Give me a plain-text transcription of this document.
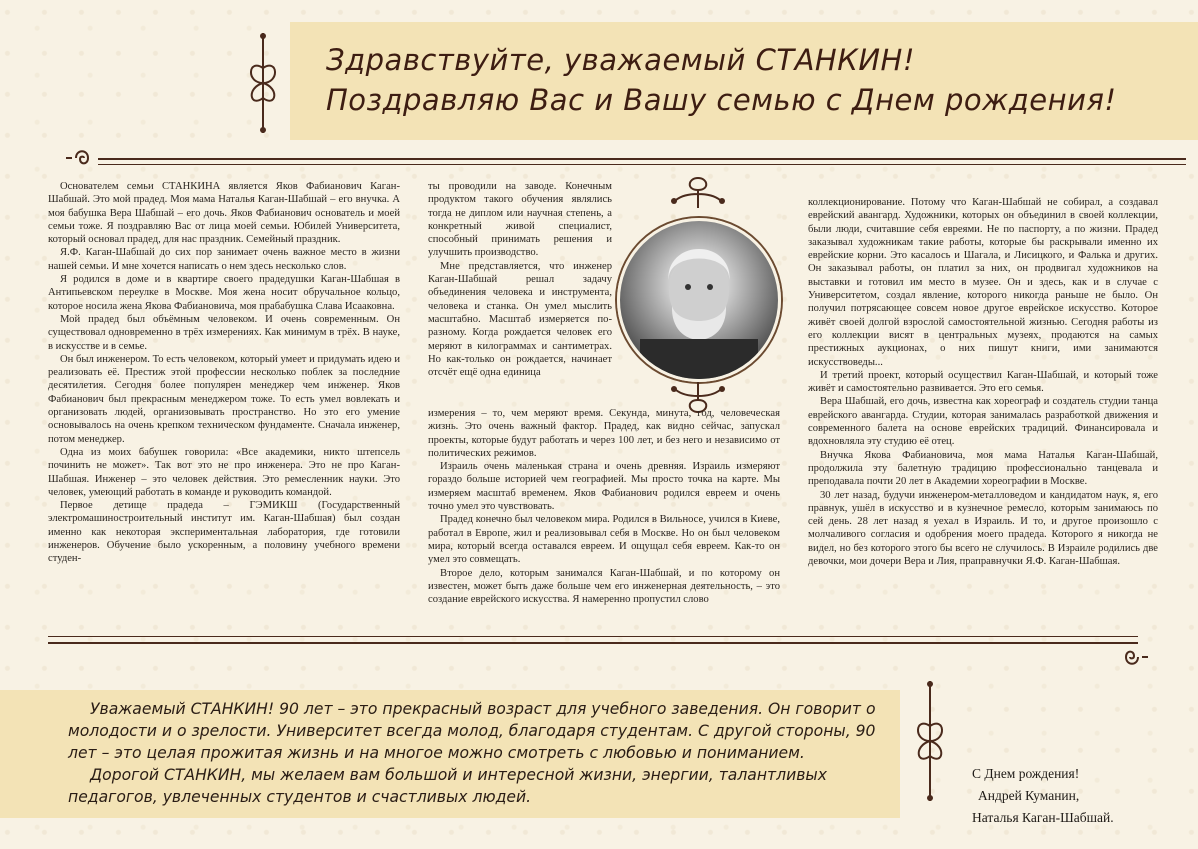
Здравствуйте, уважаемый СТАНКИН!
Поздравляю Вас и Вашу семью с Днем рождения!

Основателем семьи СТАНКИНА является Яков Фабианович Каган-Шабшай. Это мой прадед. Моя мама Наталья Каган-Шабшай – его внучка. А моя бабушка Вера Шабшай – его дочь. Яков Фабианович основатель и моей семьи тоже. Я поздравляю Вас от лица моей семьи. Юбилей Университета, который основал прадед, для нас праздник. Семейный праздник.

Я.Ф. Каган-Шабшай до сих пор занимает очень важное место в жизни нашей семьи. И мне хочется написать о нем здесь несколько слов.

Я родился в доме и в квартире своего прадедушки Каган-Шабшая в Антипьевском переулке в Москве. Моя жена носит обручальное кольцо, которое носила жена Якова Фабиановича, моя прабабушка Слава Исааковна.

Мой прадед был объёмным человеком. И очень современным. Он существовал одновременно в трёх измерениях. Как минимум в трёх. В науке, в искусстве и в семье.

Он был инженером. То есть человеком, который умеет и придумать идею и реализовать её. Престиж этой профессии несколько поблек за последние десятилетия. Сегодня более популярен менеджер чем инженер. Яков Фабианович был прекрасным менеджером тоже. То есть умел вовлекать и организовать людей, организовывать пространство. Но это его умение основывалось на очень крепком техническом фундаменте. Сначала инженер, потом менеджер.

Одна из моих бабушек говорила: «Все академики, никто штепсель починить не может». Так вот это не про инженера. Это не про Каган-Шабшая. Инженер – это человек действия. Это ремесленник науки. Это человек, умеющий работать в команде и руководить командой.

Первое детище прадеда – ГЭМИКШ (Государственный электромашиностроительный институт им. Каган-Шабшая) был создан именно как некоторая экспериментальная лаборатория, где готовили инженеров. Обучение было ускоренным, а половину учебного времени студен-

ты проводили на заводе. Конечным продуктом такого обучения являлись тогда не диплом или научная степень, а конкретный живой специалист, способный принимать решения и улучшить производство.

Мне представляется, что инженер Каган-Шабшай решал задачу объединения человека и инструмента, человека и станка. Он умел мыслить масштабно. Масштаб измеряется по-разному. Когда рождается человек его меряют в килограммах и сантиметрах. Но как-только он рождается, начинает отсчёт ещё одна единица

измерения – то, чем меряют время. Секунда, минута, год, человеческая жизнь. Это очень важный фактор. Прадед, как видно сейчас, запускал проекты, которые будут работать и через 100 лет, и без него и независимо от политических режимов.

Израиль очень маленькая страна и очень древняя. Израиль измеряют гораздо больше историей чем географией. Мы просто точка на карте. Мы измеряем масштаб временем. Яков Фабианович родился евреем и очень точно умел это чувствовать.

Прадед конечно был человеком мира. Родился в Вильносе, учился в Киеве, работал в Европе, жил и реализовывал себя в Москве. Но он был человеком мира, который всегда оставался евреем. И ощущал себя евреем. Как-то он умел это совмещать.

Второе дело, которым занимался Каган-Шабшай, и по которому он известен, может быть даже больше чем его инженерная деятельность, – это создание еврейского искусства. Я намеренно пропустил слово

коллекционирование. Потому что Каган-Шабшай не собирал, а создавал еврейский авангард. Художники, которых он объединил в своей коллекции, были люди, считавшие себя евреями. Не по паспорту, а по жизни. Прадед заказывал художникам такие работы, которые бы раскрывали именно их еврейские корни. Это касалось и Шагала, и Лисицкого, и Фалька и других. Он заказывал работы, он платил за них, он продвигал художников на выставки и готовил им место в музее. Он и здесь, как и в случае с Университетом, создал явление, которого никогда раньше не было. Он получил потрясающее совсем новое другое еврейское искусство. Которое живёт своей долгой взрослой самостоятельной жизнью. Сегодня работы из его коллекции висят в центральных музеях, продаются на самых престижных аукционах, о них пишут книги, ими занимаются искусствоведы...

И третий проект, который осуществил Каган-Шабшай, и который тоже живёт и самостоятельно развивается. Это его семья.

Вера Шабшай, его дочь, известна как хореограф и создатель студии танца еврейского авангарда. Студии, которая занималась разработкой движения и современного балета на основе еврейских традиций. Финансировала и вдохновляла эту студию её отец.

Внучка Якова Фабиановича, моя мама Наталья Каган-Шабшай, продолжила эту балетную традицию профессионально танцевала и преподавала почти 20 лет в Академии хореографии в Москве.

30 лет назад, будучи инженером-металловедом и кандидатом наук, я, его правнук, ушёл в искусство и в кузнечное ремесло, которым занимаюсь по сей день. 28 лет назад я уехал в Израиль. И то, и другое произошло с молчаливого согласия и одобрения моего прадеда. Которого я никогда не видел, но без которого этого бы всего не случилось. В Израиле родились две девочки, мои дочери Вера и Лия, праправнучки Я.Ф. Каган-Шабшая.

Уважаемый СТАНКИН! 90 лет – это прекрасный возраст для учебного заведения. Он говорит о молодости и о зрелости. Университет всегда молод, благодаря студентам. С другой стороны, 90 лет – это целая прожитая жизнь и на многое можно смотреть с любовью и пониманием.

Дорогой СТАНКИН, мы желаем вам большой и интересной жизни, энергии, талантливых педагогов, увлеченных студентов и счастливых людей.

С Днем рождения!
Андрей Куманин,
Наталья Каган-Шабшай.
